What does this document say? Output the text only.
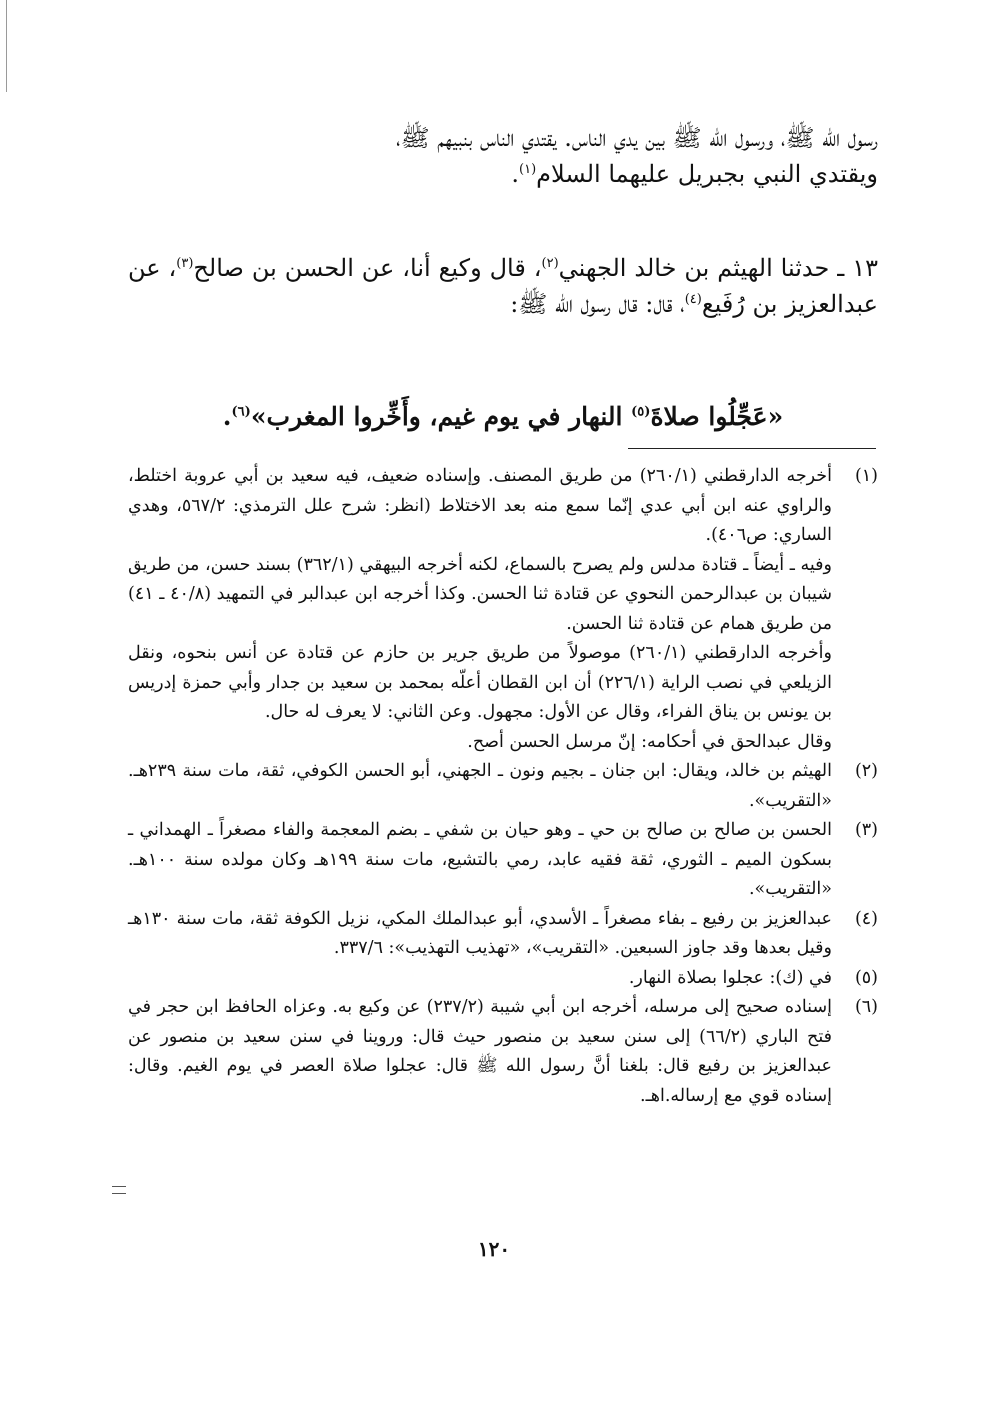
رسول الله ﷺ، ورسول الله ﷺ بين يدي الناس. يقتدي الناس بنبيهم ﷺ،
ويقتدي النبي بجبريل عليهما السلام$^{(١)}$.

١٣ ـ حدثنا الهيثم بن خالد الجهني$^{(٢)}$، قال وكيع أنا، عن الحسن بن صالح$^{(٣)}$، عن عبدالعزيز بن رُفَيع$^{(٤)}$، قال: قال رسول الله ﷺ:

«عَجِّلُوا صلاةَ$^{(٥)}$ النهار في يوم غيم، وأَخِّروا المغرب»$^{(٦)}$.

(١)

أخرجه الدارقطني (٢٦٠/١) من طريق المصنف. وإسناده ضعيف، فيه سعيد بن أبي عروبة اختلط، والراوي عنه ابن أبي عدي إنّما سمع منه بعد الاختلاط (انظر: شرح علل الترمذي: ٥٦٧/٢، وهدي الساري: ص٤٠٦).

وفيه ـ أيضاً ـ قتادة مدلس ولم يصرح بالسماع، لكنه أخرجه البيهقي (٣٦٢/١) بسند حسن، من طريق شيبان بن عبدالرحمن النحوي عن قتادة ثنا الحسن. وكذا أخرجه ابن عبدالبر في التمهيد (٤٠/٨ ـ ٤١) من طريق همام عن قتادة ثنا الحسن.

وأخرجه الدارقطني (٢٦٠/١) موصولاً من طريق جرير بن حازم عن قتادة عن أنس بنحوه، ونقل الزيلعي في نصب الراية (٢٢٦/١) أن ابن القطان أعلّه بمحمد بن سعيد بن جدار وأبي حمزة إدريس بن يونس بن يناق الفراء، وقال عن الأول: مجهول. وعن الثاني: لا يعرف له حال.

وقال عبدالحق في أحكامه: إنّ مرسل الحسن أصح.

(٢)

الهيثم بن خالد، ويقال: ابن جنان ـ بجيم ونون ـ الجهني، أبو الحسن الكوفي، ثقة، مات سنة ٢٣٩هـ. «التقريب».

(٣)

الحسن بن صالح بن صالح بن حي ـ وهو حيان بن شفي ـ بضم المعجمة والفاء مصغراً ـ الهمداني ـ بسكون الميم ـ الثوري، ثقة فقيه عابد، رمي بالتشيع، مات سنة ١٩٩هـ وكان مولده سنة ١٠٠هـ. «التقريب».

(٤)

عبدالعزيز بن رفيع ـ بفاء مصغراً ـ الأسدي، أبو عبدالملك المكي، نزيل الكوفة ثقة، مات سنة ١٣٠هـ وقيل بعدها وقد جاوز السبعين. «التقريب»، «تهذيب التهذيب»: ٣٣٧/٦.

(٥)

في (ك): عجلوا بصلاة النهار.

(٦)

إسناده صحيح إلى مرسله، أخرجه ابن أبي شيبة (٢٣٧/٢) عن وكيع به. وعزاه الحافظ ابن حجر في فتح الباري (٦٦/٢) إلى سنن سعيد بن منصور حيث قال: وروينا في سنن سعيد بن منصور عن عبدالعزيز بن رفيع قال: بلغنا أنَّ رسول الله ﷺ قال: عجلوا صلاة العصر في يوم الغيم. وقال: إسناده قوي مع إرساله.اهـ.

١٢٠
